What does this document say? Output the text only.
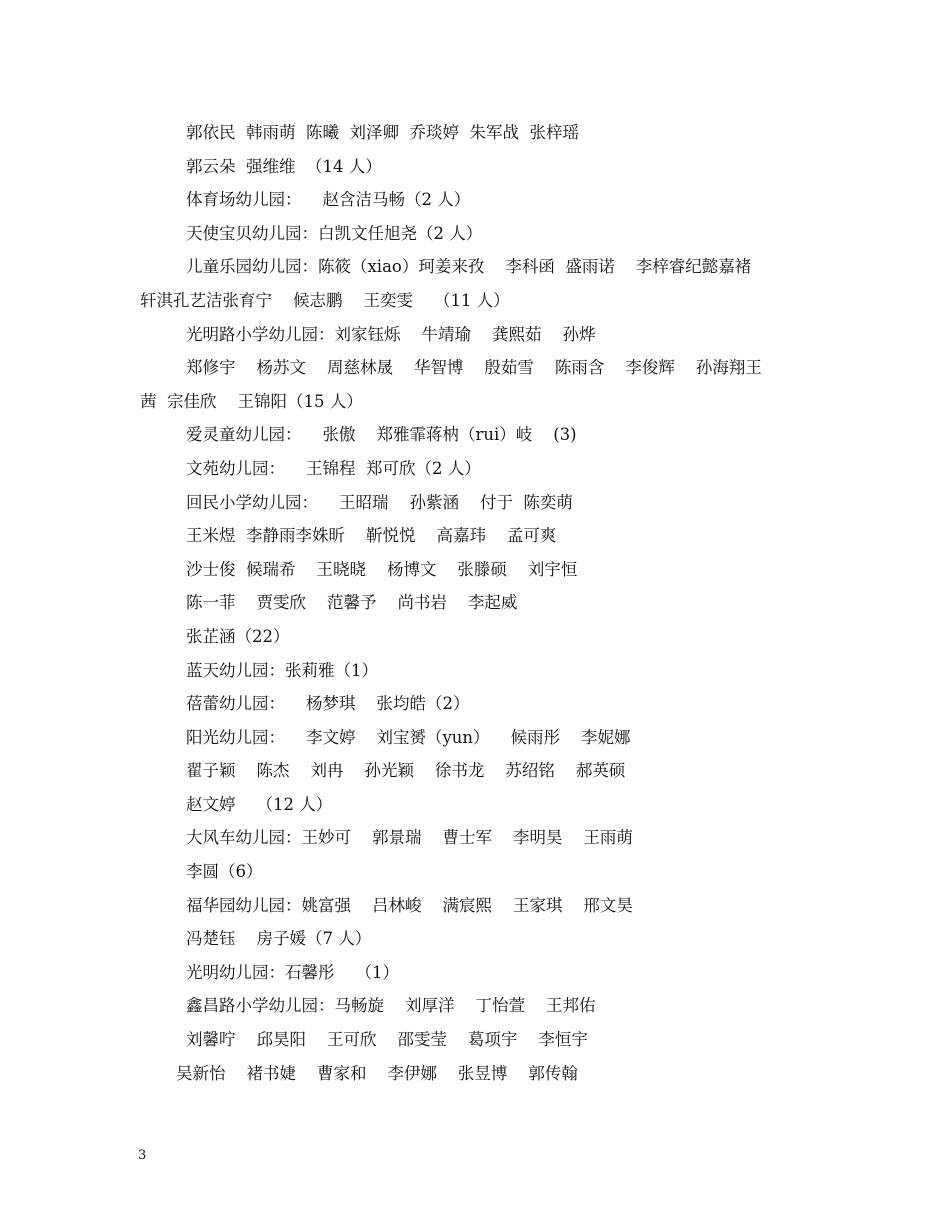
郭依民  韩雨萌  陈曦  刘泽卿  乔琰婷  朱军战  张梓瑶
郭云朵  强维维  （14 人）
体育场幼儿园：    赵含洁马畅（2 人）
天使宝贝幼儿园：白凯文任旭尧（2 人）
儿童乐园幼儿园：陈筱（xiao）珂姜来孜    李科函  盛雨诺    李梓睿纪懿嘉褚
轩淇孔艺洁张育宁    候志鹏    王奕雯    （11 人）
光明路小学幼儿园：刘家钰烁    牛靖瑜    龚熙茹    孙烨
郑修宇    杨苏文    周慈林晟    华智博    殷茹雪    陈雨含    李俊辉    孙海翔王
茜  宗佳欣    王锦阳（15 人）
爱灵童幼儿园：    张傲    郑雅霏蒋枘（rui）岐    (3)
文苑幼儿园：    王锦程  郑可欣（2 人）
回民小学幼儿园：    王昭瑞    孙紫涵    付于  陈奕萌
王米煜  李静雨李姝昕    靳悦悦    高嘉玮    孟可爽
沙士俊  候瑞希    王晓晓    杨博文    张滕硕    刘宇恒
陈一菲    贾雯欣    范馨予    尚书岩    李起威
张芷涵（22）
蓝天幼儿园：张莉雅（1）
蓓蕾幼儿园：    杨梦琪    张均皓（2）
阳光幼儿园：    李文婷    刘宝赟（yun）    候雨彤    李妮娜
翟子颖    陈杰    刘冉    孙光颖    徐书龙    苏绍铭    郝英硕
赵文婷    （12 人）
大风车幼儿园：王妙可    郭景瑞    曹士军    李明昊    王雨萌
李圆（6）
福华园幼儿园：姚富强    吕林峻    满宸熙    王家琪    邢文昊
冯楚钰    房子媛（7 人）
光明幼儿园：石馨彤    （1）
鑫昌路小学幼儿园：马畅旋    刘厚洋    丁怡萱    王邦佑
刘馨咛    邱昊阳    王可欣    邵雯莹    葛项宇    李恒宇
吴新怡    褚书婕    曹家和    李伊娜    张昱博    郭传翰
3
